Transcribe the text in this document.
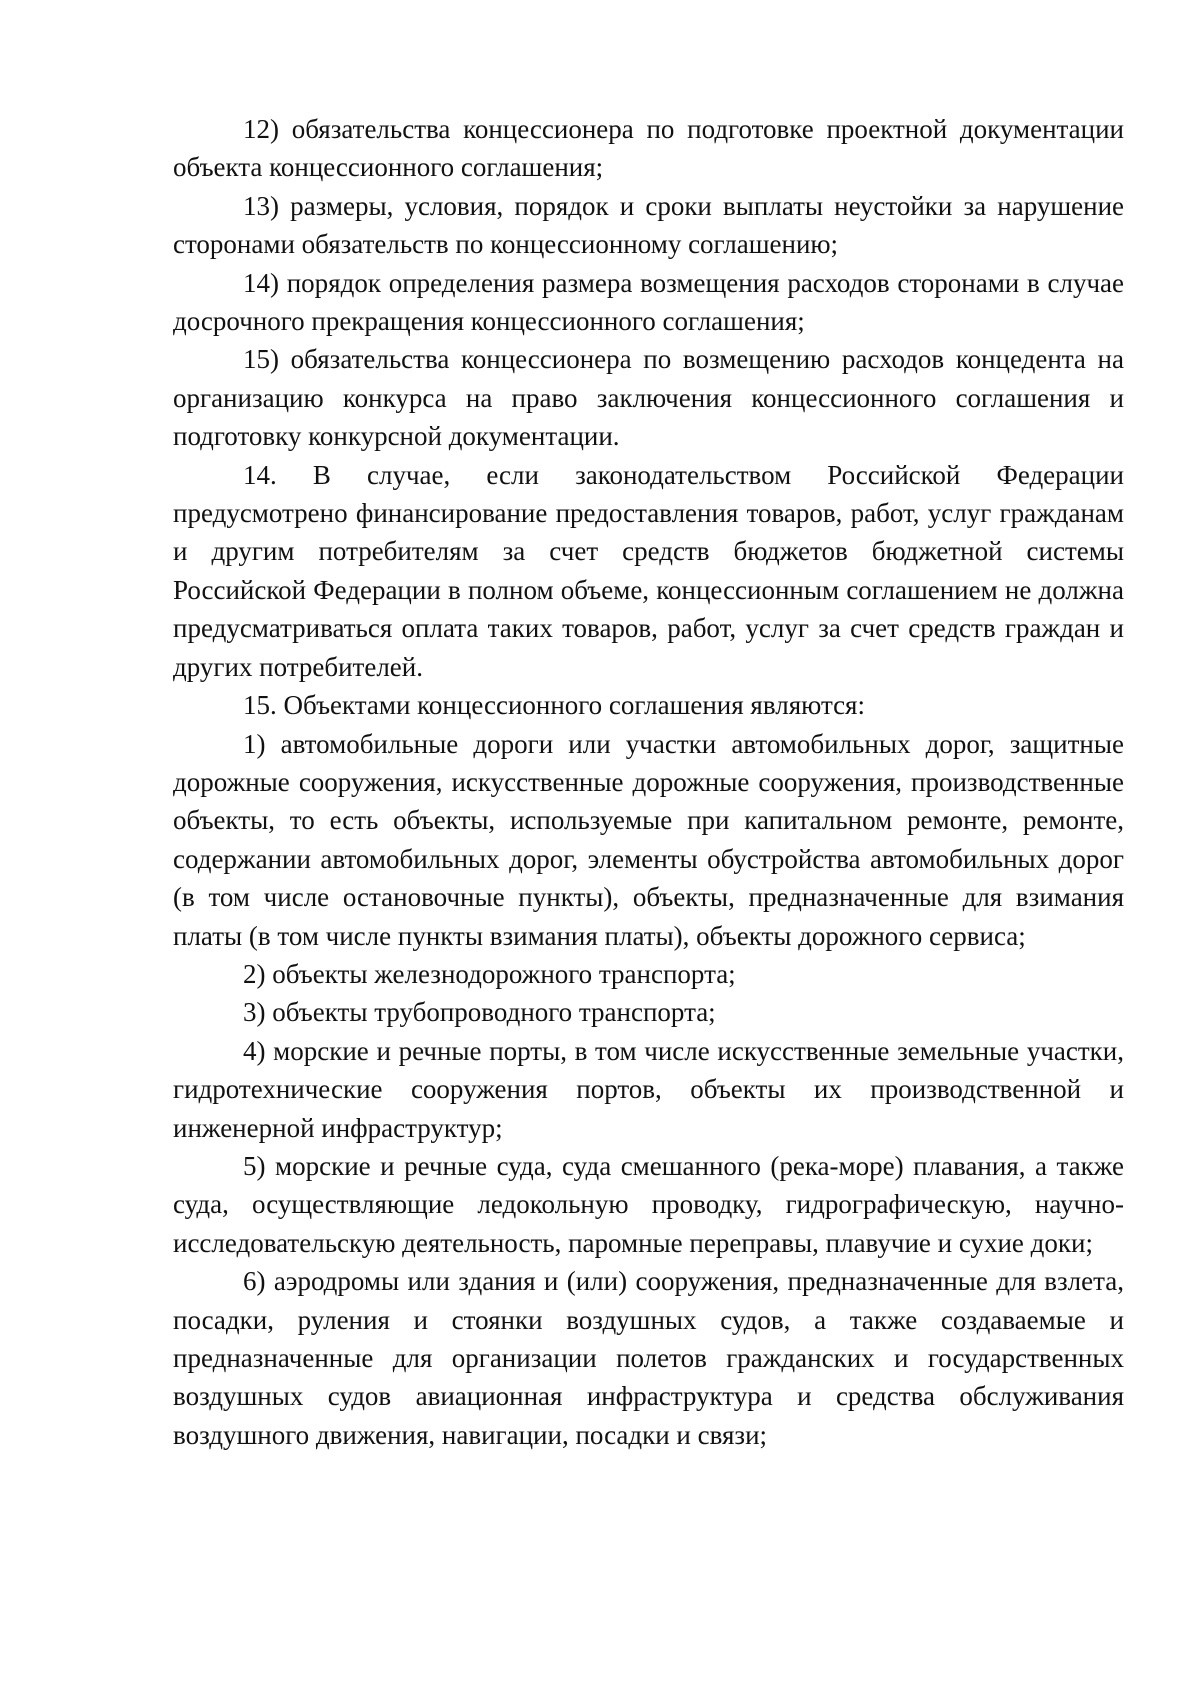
12) обязательства концессионера по подготовке проектной документации объекта концессионного соглашения;

13) размеры, условия, порядок и сроки выплаты неустойки за нарушение сторонами обязательств по концессионному соглашению;

14) порядок определения размера возмещения расходов сторонами в случае досрочного прекращения концессионного соглашения;

15) обязательства концессионера по возмещению расходов концедента на организацию конкурса на право заключения концессионного соглашения и подготовку конкурсной документации.

14. В случае, если законодательством Российской Федерации предусмотрено финансирование предоставления товаров, работ, услуг гражданам и другим потребителям за счет средств бюджетов бюджетной системы Российской Федерации в полном объеме, концессионным соглашением не должна предусматриваться оплата таких товаров, работ, услуг за счет средств граждан и других потребителей.

15. Объектами концессионного соглашения являются:

1) автомобильные дороги или участки автомобильных дорог, защитные дорожные сооружения, искусственные дорожные сооружения, производственные объекты, то есть объекты, используемые при капитальном ремонте, ремонте, содержании автомобильных дорог, элементы обустройства автомобильных дорог (в том числе остановочные пункты), объекты, предназначенные для взимания платы (в том числе пункты взимания платы), объекты дорожного сервиса;

2) объекты железнодорожного транспорта;

3) объекты трубопроводного транспорта;

4) морские и речные порты, в том числе искусственные земельные участки, гидротехнические сооружения портов, объекты их производственной и инженерной инфраструктур;

5) морские и речные суда, суда смешанного (река-море) плавания, а также суда, осуществляющие ледокольную проводку, гидрографическую, научно-исследовательскую деятельность, паромные переправы, плавучие и сухие доки;

6) аэродромы или здания и (или) сооружения, предназначенные для взлета, посадки, руления и стоянки воздушных судов, а также создаваемые и предназначенные для организации полетов гражданских и государственных воздушных судов авиационная инфраструктура и средства обслуживания воздушного движения, навигации, посадки и связи;
